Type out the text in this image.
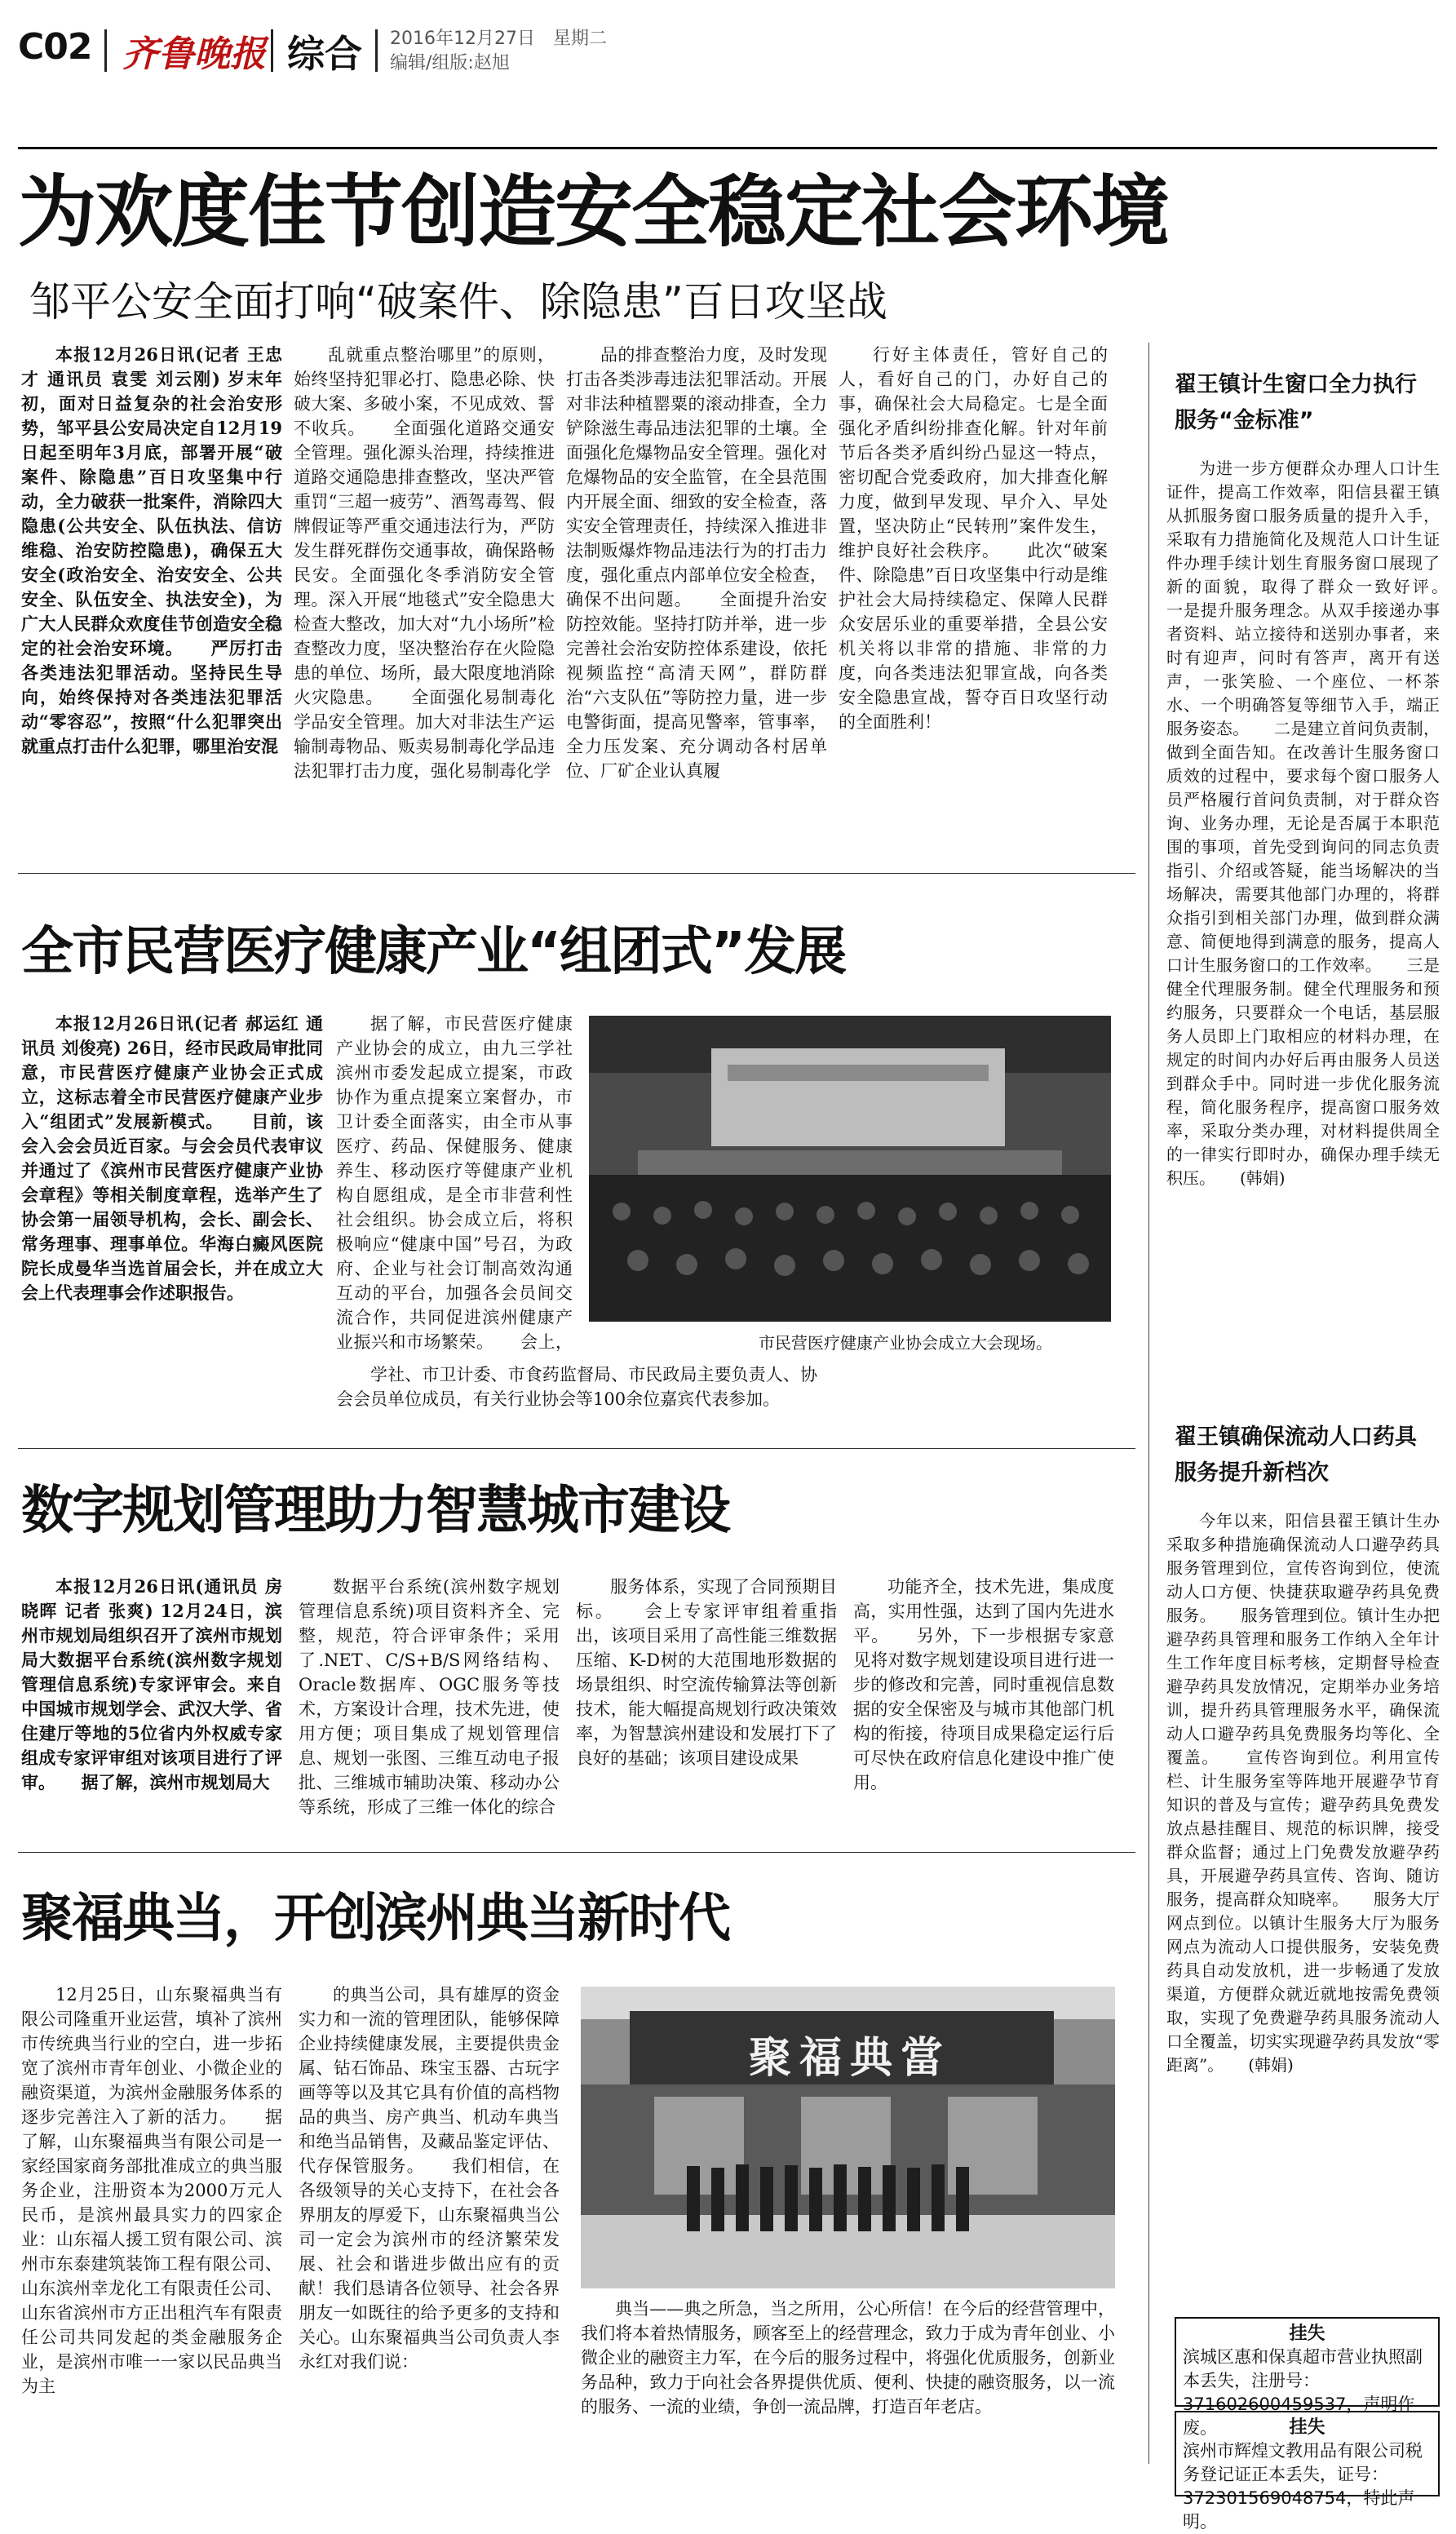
C02 齐鲁晚报 综合 2016年12月27日　星期二
编辑/组版:赵旭
为欢度佳节创造安全稳定社会环境
邹平公安全面打响“破案件、除隐患”百日攻坚战

本报12月26日讯(记者 王忠才 通讯员 袁雯 刘云刚) 岁末年初，面对日益复杂的社会治安形势，邹平县公安局决定自12月19日起至明年3月底，部署开展“破案件、除隐患”百日攻坚集中行动，全力破获一批案件，消除四大隐患(公共安全、队伍执法、信访维稳、治安防控隐患)，确保五大安全(政治安全、治安安全、公共安全、队伍安全、执法安全)，为广大人民群众欢度佳节创造安全稳定的社会治安环境。　　严厉打击各类违法犯罪活动。坚持民生导向，始终保持对各类违法犯罪活动“零容忍”，按照“什么犯罪突出就重点打击什么犯罪，哪里治安混

乱就重点整治哪里”的原则，始终坚持犯罪必打、隐患必除、快破大案、多破小案，不见成效、誓不收兵。　　全面强化道路交通安全管理。强化源头治理，持续推进道路交通隐患排查整改，坚决严管重罚“三超一疲劳”、酒驾毒驾、假牌假证等严重交通违法行为，严防发生群死群伤交通事故，确保路畅民安。全面强化冬季消防安全管理。深入开展“地毯式”安全隐患大检查大整改，加大对“九小场所”检查整改力度，坚决整治存在火险隐患的单位、场所，最大限度地消除火灾隐患。　　全面强化易制毒化学品安全管理。加大对非法生产运输制毒物品、贩卖易制毒化学品违法犯罪打击力度，强化易制毒化学

品的排查整治力度，及时发现打击各类涉毒违法犯罪活动。开展对非法种植罂粟的滚动排查，全力铲除滋生毒品违法犯罪的土壤。全面强化危爆物品安全管理。强化对危爆物品的安全监管，在全县范围内开展全面、细致的安全检查，落实安全管理责任，持续深入推进非法制贩爆炸物品违法行为的打击力度，强化重点内部单位安全检查，确保不出问题。　　全面提升治安防控效能。坚持打防并举，进一步完善社会治安防控体系建设，依托视频监控“高清天网”，群防群治“六支队伍”等防控力量，进一步电警街面，提高见警率，管事率，全力压发案、充分调动各村居单位、厂矿企业认真履

行好主体责任，管好自己的人，看好自己的门，办好自己的事，确保社会大局稳定。七是全面强化矛盾纠纷排查化解。针对年前节后各类矛盾纠纷凸显这一特点，密切配合党委政府，加大排查化解力度，做到早发现、早介入、早处置，坚决防止“民转刑”案件发生，维护良好社会秩序。　　此次“破案件、除隐患”百日攻坚集中行动是维护社会大局持续稳定、保障人民群众安居乐业的重要举措，全县公安机关将以非常的措施、非常的力度，向各类违法犯罪宣战，向各类安全隐患宣战，誓夺百日攻坚行动的全面胜利！

全市民营医疗健康产业“组团式”发展

本报12月26日讯(记者 郝运红 通讯员 刘俊亮) 26日，经市民政局审批同意，市民营医疗健康产业协会正式成立，这标志着全市民营医疗健康产业步入“组团式”发展新模式。　　目前，该会入会会员近百家。与会会员代表审议并通过了《滨州市民营医疗健康产业协会章程》等相关制度章程，选举产生了协会第一届领导机构，会长、副会长、常务理事、理事单位。华海白癜风医院院长成曼华当选首届会长，并在成立大会上代表理事会作述职报告。

据了解，市民营医疗健康产业协会的成立，由九三学社滨州市委发起成立提案，市政协作为重点提案立案督办，市卫计委全面落实，由全市从事医疗、药品、保健服务、健康养生、移动医疗等健康产业机构自愿组成，是全市非营利性社会组织。协会成立后，将积极响应“健康中国”号召，为政府、企业与社会订制高效沟通互动的平台，加强各会员间交流合作，共同促进滨州健康产业振兴和市场繁荣。　　会上，	市民营医疗健康产业协会成立大会现场。

学社、市卫计委、市食药监督局、市民政局主要负责人、协会会员单位成员，有关行业协会等100余位嘉宾代表参加。

数字规划管理助力智慧城市建设

本报12月26日讯(通讯员 房晓晖 记者 张爽) 12月24日，滨州市规划局组织召开了滨州市规划局大数据平台系统(滨州数字规划管理信息系统)专家评审会。来自中国城市规划学会、武汉大学、省住建厅等地的5位省内外权威专家组成专家评审组对该项目进行了评审。　　据了解，滨州市规划局大

数据平台系统(滨州数字规划管理信息系统)项目资料齐全、完整，规范，符合评审条件；采用了.NET、C/S+B/S网络结构、Oracle数据库、OGC服务等技术，方案设计合理，技术先进，使用方便；项目集成了规划管理信息、规划一张图、三维互动电子报批、三维城市辅助决策、移动办公等系统，形成了三维一体化的综合

服务体系，实现了合同预期目标。　　会上专家评审组着重指出，该项目采用了高性能三维数据压缩、K-D树的大范围地形数据的场景组织、时空流传输算法等创新技术，能大幅提高规划行政决策效率，为智慧滨州建设和发展打下了良好的基础；该项目建设成果

功能齐全，技术先进，集成度高，实用性强，达到了国内先进水平。　　另外，下一步根据专家意见将对数字规划建设项目进行进一步的修改和完善，同时重视信息数据的安全保密及与城市其他部门机构的衔接，待项目成果稳定运行后可尽快在政府信息化建设中推广使用。

聚福典当，开创滨州典当新时代

12月25日，山东聚福典当有限公司隆重开业运营，填补了滨州市传统典当行业的空白，进一步拓宽了滨州市青年创业、小微企业的融资渠道，为滨州金融服务体系的逐步完善注入了新的活力。　　据了解，山东聚福典当有限公司是一家经国家商务部批准成立的典当服务企业，注册资本为2000万元人民币，是滨州最具实力的四家企业：山东福人援工贸有限公司、滨州市东泰建筑装饰工程有限公司、山东滨州幸龙化工有限责任公司、山东省滨州市方正出租汽车有限责任公司共同发起的类金融服务企业，是滨州市唯一一家以民品典当为主

的典当公司，具有雄厚的资金实力和一流的管理团队，能够保障企业持续健康发展，主要提供贵金属、钻石饰品、珠宝玉器、古玩字画等等以及其它具有价值的高档物品的典当、房产典当、机动车典当和绝当品销售，及藏品鉴定评估、代存保管服务。　　我们相信，在各级领导的关心支持下，在社会各界朋友的厚爱下，山东聚福典当公司一定会为滨州市的经济繁荣发展、社会和谐进步做出应有的贡献！我们恳请各位领导、社会各界朋友一如既往的给予更多的支持和关心。山东聚福典当公司负责人李永红对我们说：

聚福典當

典当——典之所急，当之所用，公心所信！在今后的经营管理中，我们将本着热情服务，顾客至上的经营理念，致力于成为青年创业、小微企业的融资主力军，在今后的服务过程中，将强化优质服务，创新业务品种，致力于向社会各界提供优质、便利、快捷的融资服务，以一流的服务、一流的业绩，争创一流品牌，打造百年老店。

翟王镇计生窗口全力执行服务“金标准”

为进一步方便群众办理人口计生证件，提高工作效率，阳信县翟王镇从抓服务窗口服务质量的提升入手，采取有力措施简化及规范人口计生证件办理手续计划生育服务窗口展现了新的面貌，取得了群众一致好评。　　一是提升服务理念。从双手接递办事者资料、站立接待和送别办事者，来时有迎声，问时有答声，离开有送声，一张笑脸、一个座位、一杯茶水、一个明确答复等细节入手，端正服务姿态。　　二是建立首问负责制，做到全面告知。在改善计生服务窗口质效的过程中，要求每个窗口服务人员严格履行首问负责制，对于群众咨询、业务办理，无论是否属于本职范围的事项，首先受到询问的同志负责指引、介绍或答疑，能当场解决的当场解决，需要其他部门办理的，将群众指引到相关部门办理，做到群众满意、简便地得到满意的服务，提高人口计生服务窗口的工作效率。　　三是健全代理服务制。健全代理服务和预约服务，只要群众一个电话，基层服务人员即上门取相应的材料办理，在规定的时间内办好后再由服务人员送到群众手中。同时进一步优化服务流程，简化服务程序，提高窗口服务效率，采取分类办理，对材料提供周全的一律实行即时办，确保办理手续无积压。　　(韩娟)

翟王镇确保流动人口药具服务提升新档次

今年以来，阳信县翟王镇计生办采取多种措施确保流动人口避孕药具服务管理到位，宣传咨询到位，使流动人口方便、快捷获取避孕药具免费服务。　　服务管理到位。镇计生办把避孕药具管理和服务工作纳入全年计生工作年度目标考核，定期督导检查避孕药具发放情况，定期举办业务培训，提升药具管理服务水平，确保流动人口避孕药具免费服务均等化、全覆盖。　　宣传咨询到位。利用宣传栏、计生服务室等阵地开展避孕节育知识的普及与宣传；避孕药具免费发放点悬挂醒目、规范的标识牌，接受群众监督；通过上门免费发放避孕药具，开展避孕药具宣传、咨询、随访服务，提高群众知晓率。　　服务大厅网点到位。以镇计生服务大厅为服务网点为流动人口提供服务，安装免费药具自动发放机，进一步畅通了发放渠道，方便群众就近就地按需免费领取，实现了免费避孕药具服务流动人口全覆盖，切实实现避孕药具发放“零距离”。　　(韩娟)

挂失
滨城区惠和保真超市营业执照副本丢失，注册号：371602600459537，声明作废。	挂失
滨州市辉煌文教用品有限公司税务登记证正本丢失，证号：372301569048754，特此声明。
